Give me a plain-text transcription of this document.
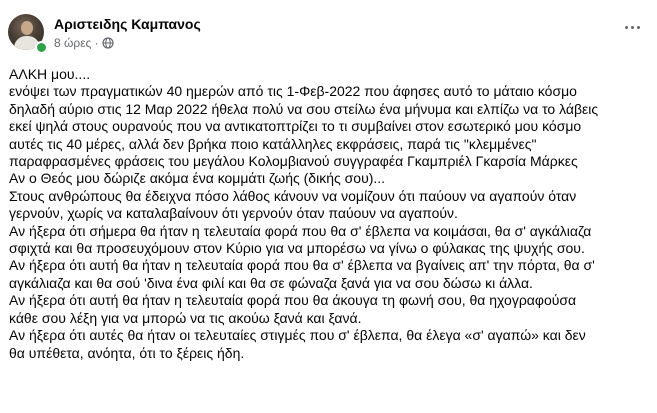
Αριστειδης Καμπανος
8 ώρες ·
ΑΛΚΗ μου....
ενόψει των πραγματικών 40 ημερών από τις 1-Φεβ-2022 που άφησες αυτό το μάταιο κόσμο
δηλαδή αύριο στις 12 Μαρ 2022 ήθελα πολύ να σου στείλω ένα μήνυμα και ελπίζω να το λάβεις
εκεί ψηλά στους ουρανούς που να αντικατοπτρίζει το τι συμβαίνει στον εσωτερικό μου κόσμο
αυτές τις 40 μέρες, αλλά δεν βρήκα ποιο κατάλληλες εκφράσεις, παρά τις "κλεμμένες"
παραφρασμένες φράσεις του μεγάλου Κολομβιανού συγγραφέα Γκαμπριέλ Γκαρσία Μάρκες
Αν ο Θεός μου δώριζε ακόμα ένα κομμάτι ζωής (δικής σου)...
Στους ανθρώπους θα έδειχνα πόσο λάθος κάνουν να νομίζουν ότι παύουν να αγαπούν όταν
γερνούν, χωρίς να καταλαβαίνουν ότι γερνούν όταν παύουν να αγαπούν.
Αν ήξερα ότι σήμερα θα ήταν η τελευταία φορά που θα σ' έβλεπα να κοιμάσαι, θα σ' αγκάλιαζα
σφιχτά και θα προσευχόμουν στον Κύριο για να μπορέσω να γίνω ο φύλακας της ψυχής σου.
Αν ήξερα ότι αυτή θα ήταν η τελευταία φορά που θα σ' έβλεπα να βγαίνεις απ' την πόρτα, θα σ'
αγκάλιαζα και θα σού 'δινα ένα φιλί και θα σε φώναζα ξανά για να σου δώσω κι άλλα.
Αν ήξερα ότι αυτή θα ήταν η τελευταία φορά που θα άκουγα τη φωνή σου, θα ηχογραφούσα
κάθε σου λέξη για να μπορώ να τις ακούω ξανά και ξανά.
Αν ήξερα ότι αυτές θα ήταν οι τελευταίες στιγμές που σ' έβλεπα, θα έλεγα «σ' αγαπώ» και δεν
θα υπέθετα, ανόητα, ότι το ξέρεις ήδη.
